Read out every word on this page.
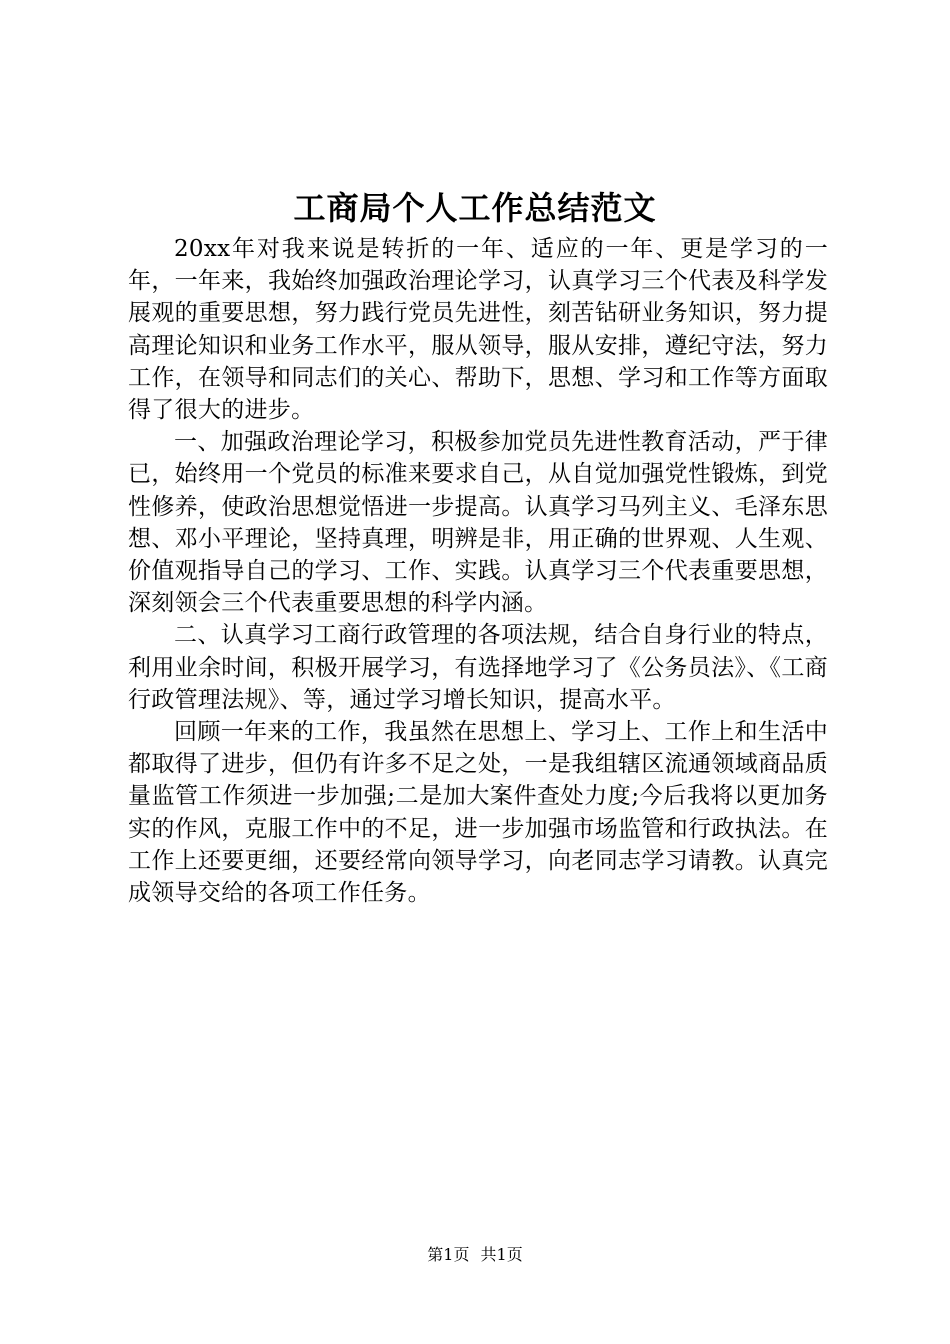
工商局个人工作总结范文

20xx年对我来说是转折的一年、适应的一年、更是学习的一年，一年来，我始终加强政治理论学习，认真学习三个代表及科学发展观的重要思想，努力践行党员先进性，刻苦钻研业务知识，努力提高理论知识和业务工作水平，服从领导，服从安排，遵纪守法，努力工作，在领导和同志们的关心、帮助下，思想、学习和工作等方面取得了很大的进步。

一、加强政治理论学习，积极参加党员先进性教育活动，严于律已，始终用一个党员的标准来要求自己，从自觉加强党性锻炼，到党性修养，使政治思想觉悟进一步提高。认真学习马列主义、毛泽东思想、邓小平理论，坚持真理，明辨是非，用正确的世界观、人生观、价值观指导自己的学习、工作、实践。认真学习三个代表重要思想，深刻领会三个代表重要思想的科学内涵。

二、认真学习工商行政管理的各项法规，结合自身行业的特点，利用业余时间，积极开展学习，有选择地学习了《公务员法》、《工商行政管理法规》、等，通过学习增长知识，提高水平。

回顾一年来的工作，我虽然在思想上、学习上、工作上和生活中都取得了进步，但仍有许多不足之处，一是我组辖区流通领域商品质量监管工作须进一步加强;二是加大案件查处力度;今后我将以更加务实的作风，克服工作中的不足，进一步加强市场监管和行政执法。在工作上还要更细，还要经常向领导学习，向老同志学习请教。认真完成领导交给的各项工作任务。

第1页 共1页
